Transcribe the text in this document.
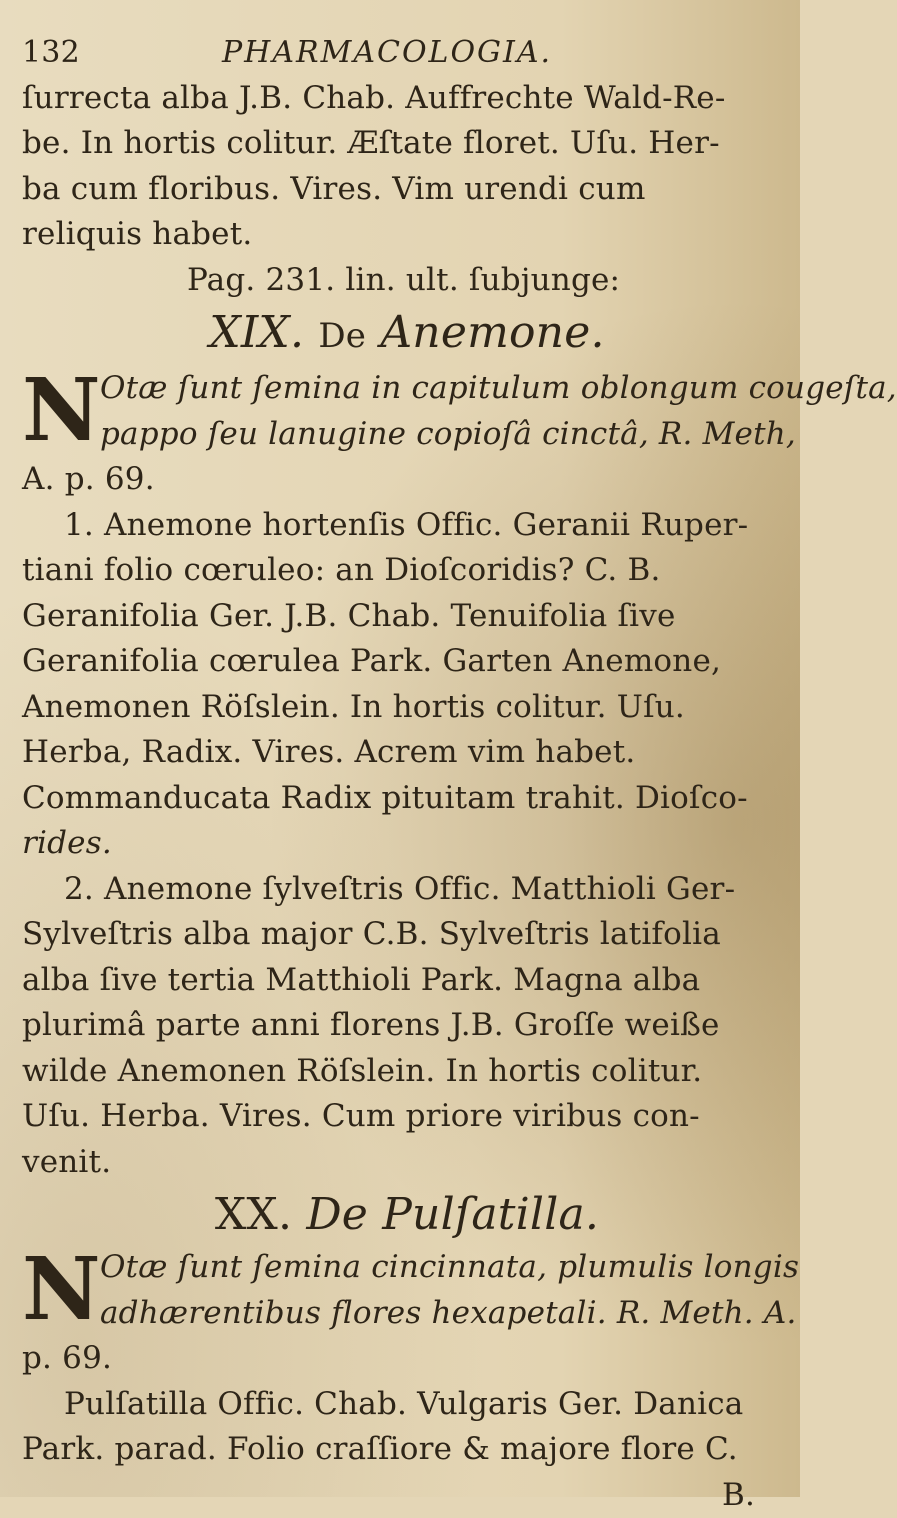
132	PHARMACOLOGIA.
ſurrecta alba J.B. Chab. Auffrechte Wald-Re-
be. In hortis colitur. Æſtate floret. Uſu. Her-
ba cum floribus. Vires. Vim urendi cum
reliquis habet.
Pag. 231. lin. ult. ſubjunge:
XIX. De Anemone.
N Otæ ſunt ſemina in capitulum oblongum cougeſta,
pappo ſeu lanugine copioſâ cinctâ, R. Meth,
A. p. 69.
1. Anemone hortenſis Offic. Geranii Ruper-
tiani folio cœruleo: an Dioſcoridis? C. B.
Geranifolia Ger. J.B. Chab. Tenuifolia ſive
Geranifolia cœrulea Park. Garten Anemone,
Anemonen Röſslein. In hortis colitur. Uſu.
Herba, Radix. Vires. Acrem vim habet.
Commanducata Radix pituitam trahit. Dioſco-
rides.
2. Anemone ſylveſtris Offic. Matthioli Ger-
Sylveſtris alba major C.B. Sylveſtris latifolia
alba ſive tertia Matthioli Park. Magna alba
plurimâ parte anni florens J.B. Groſſe weiße
wilde Anemonen Röſslein. In hortis colitur.
Uſu. Herba. Vires. Cum priore viribus con-
venit.
XX. De Pulſatilla.
N Otæ ſunt ſemina cincinnata, plumulis longis
adhærentibus flores hexapetali. R. Meth. A.
p. 69.
Pulſatilla Offic. Chab. Vulgaris Ger. Danica
Park. parad. Folio craſſiore & majore flore C.
B.
